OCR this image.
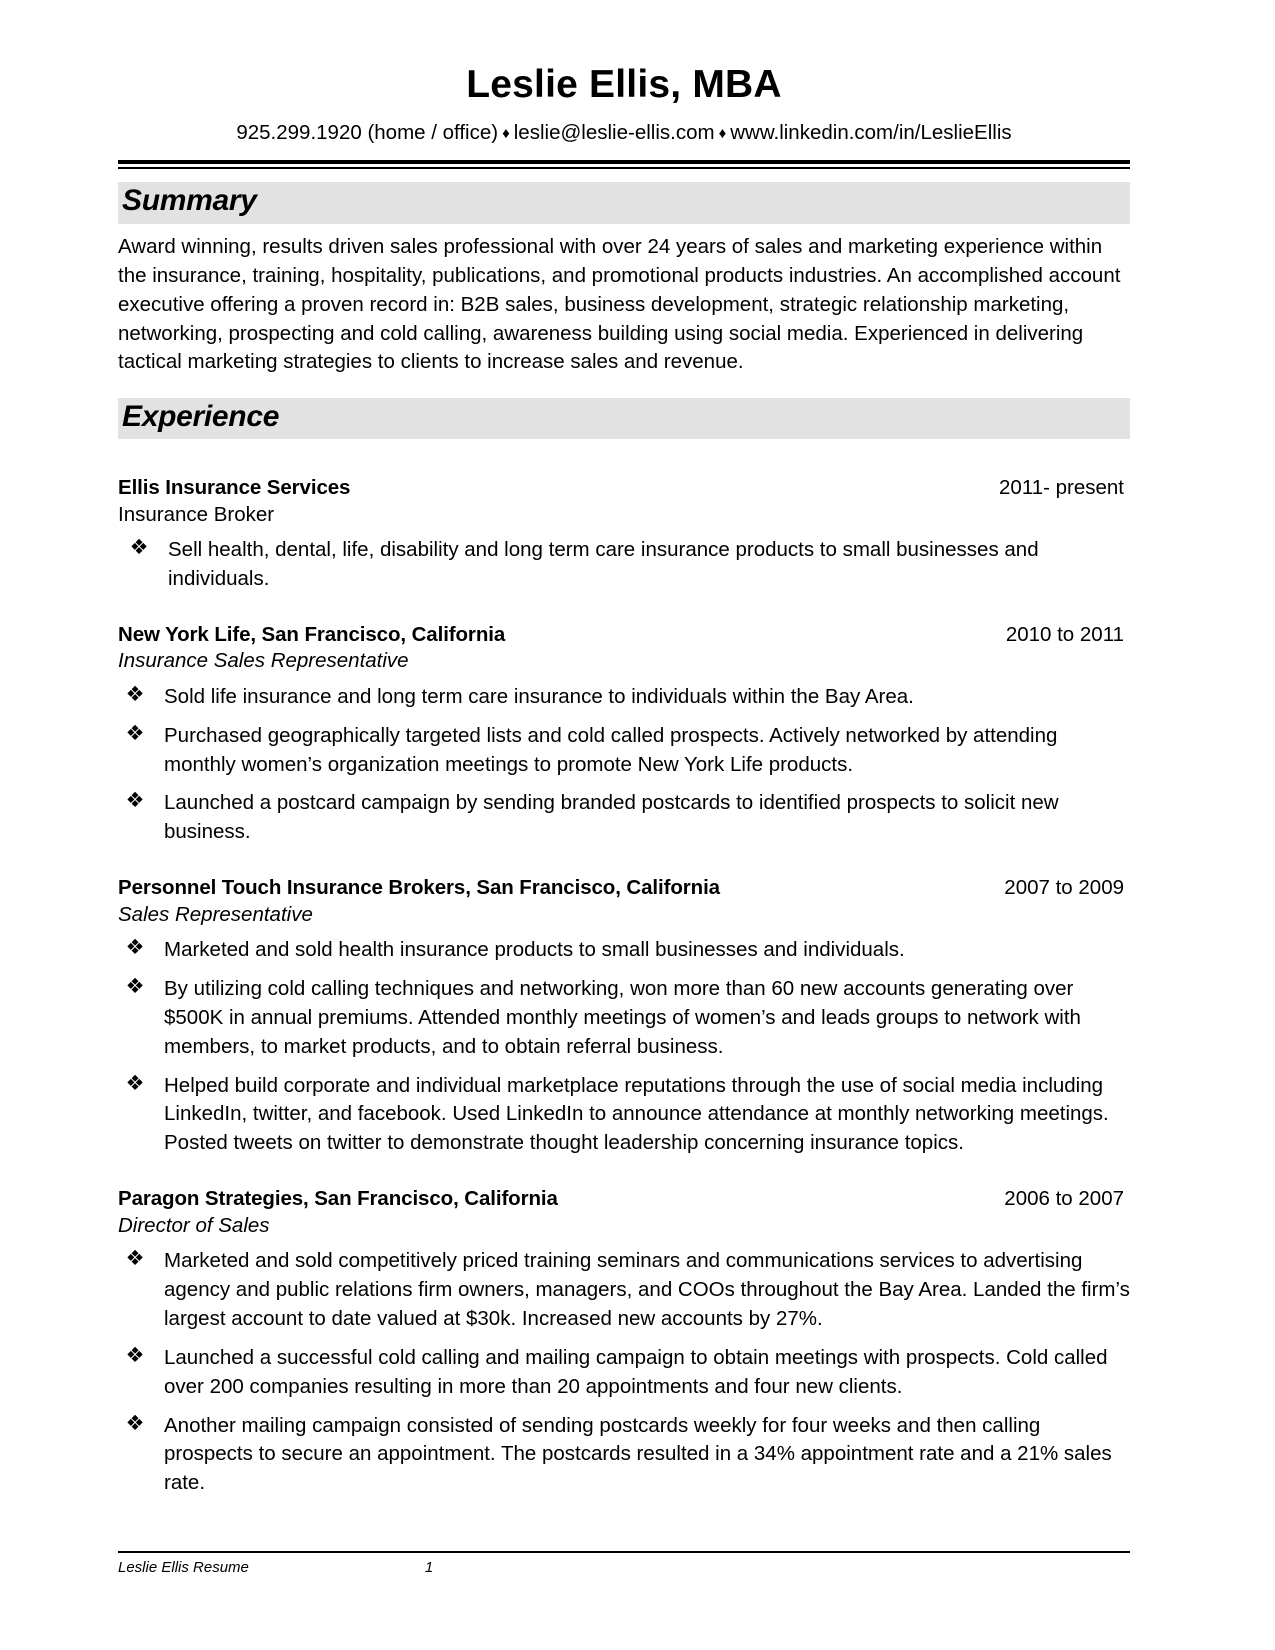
Leslie Ellis, MBA
925.299.1920 (home / office) ♦ leslie@leslie-ellis.com ♦ www.linkedin.com/in/LeslieEllis
Summary

Award winning, results driven sales professional with over 24 years of sales and marketing experience within the insurance, training, hospitality, publications, and promotional products industries. An accomplished account executive offering a proven record in: B2B sales, business development, strategic relationship marketing, networking, prospecting and cold calling, awareness building using social media. Experienced in delivering tactical marketing strategies to clients to increase sales and revenue.

Experience
Ellis Insurance Services	2011- present
Insurance Broker
❖ Sell health, dental, life, disability and long term care insurance products to small businesses and individuals.
New York Life, San Francisco, California	2010 to 2011
Insurance Sales Representative
❖ Sold life insurance and long term care insurance to individuals within the Bay Area.
❖ Purchased geographically targeted lists and cold called prospects. Actively networked by attending monthly women’s organization meetings to promote New York Life products.
❖ Launched a postcard campaign by sending branded postcards to identified prospects to solicit new business.
Personnel Touch Insurance Brokers, San Francisco, California	2007 to 2009
Sales Representative
❖ Marketed and sold health insurance products to small businesses and individuals.
❖ By utilizing cold calling techniques and networking, won more than 60 new accounts generating over $500K in annual premiums. Attended monthly meetings of women’s and leads groups to network with members, to market products, and to obtain referral business.
❖ Helped build corporate and individual marketplace reputations through the use of social media including LinkedIn, twitter, and facebook. Used LinkedIn to announce attendance at monthly networking meetings. Posted tweets on twitter to demonstrate thought leadership concerning insurance topics.
Paragon Strategies, San Francisco, California	2006 to 2007
Director of Sales
❖ Marketed and sold competitively priced training seminars and communications services to advertising agency and public relations firm owners, managers, and COOs throughout the Bay Area. Landed the firm’s largest account to date valued at $30k. Increased new accounts by 27%.
❖ Launched a successful cold calling and mailing campaign to obtain meetings with prospects. Cold called over 200 companies resulting in more than 20 appointments and four new clients.
❖ Another mailing campaign consisted of sending postcards weekly for four weeks and then calling prospects to secure an appointment. The postcards resulted in a 34% appointment rate and a 21% sales rate.
Leslie Ellis Resume	1
